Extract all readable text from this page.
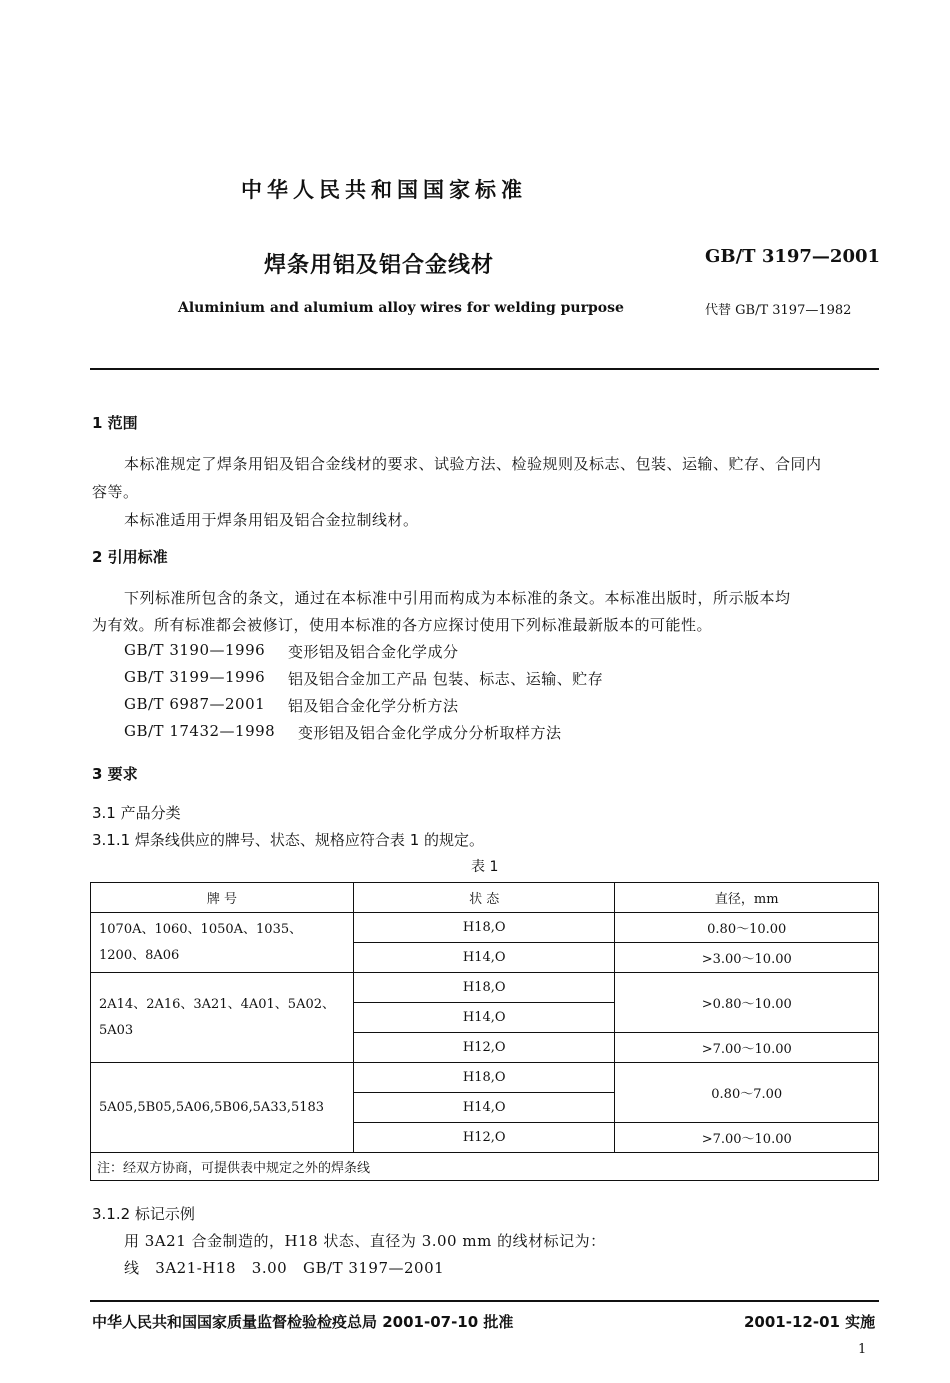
中华人民共和国国家标准
焊条用铝及铝合金线材	GB/T 3197—2001
Aluminium and alumium alloy wires for welding purpose	代替 GB/T 3197—1982
1 范围
本标准规定了焊条用铝及铝合金线材的要求、试验方法、检验规则及标志、包装、运输、贮存、合同内
容等。
本标准适用于焊条用铝及铝合金拉制线材。
2 引用标准
下列标准所包含的条文，通过在本标准中引用而构成为本标准的条文。本标准出版时，所示版本均
为有效。所有标准都会被修订，使用本标准的各方应探讨使用下列标准最新版本的可能性。
GB/T 3190—1996 变形铝及铝合金化学成分
GB/T 3199—1996 铝及铝合金加工产品 包装、标志、运输、贮存
GB/T 6987—2001 铝及铝合金化学分析方法
GB/T 17432—1998 变形铝及铝合金化学成分分析取样方法
3 要求
3.1 产品分类
3.1.1 焊条线供应的牌号、状态、规格应符合表 1 的规定。
表 1
牌 号	状 态	直径，mm
1070A、1060、1050A、1035、1200、8A06	H18,O	0.80～10.00
	H14,O	>3.00～10.00
2A14、2A16、3A21、4A01、5A02、5A03	H18,O	>0.80～10.00
	H14,O	
	H12,O	>7.00～10.00
5A05,5B05,5A06,5B06,5A33,5183	H18,O	0.80～7.00
	H14,O	
	H12,O	>7.00～10.00
注：经双方协商，可提供表中规定之外的焊条线		
3.1.2 标记示例
用 3A21 合金制造的，H18 状态、直径为 3.00 mm 的线材标记为：
线   3A21-H18   3.00   GB/T 3197—2001
中华人民共和国国家质量监督检验检疫总局 2001-07-10 批准	2001-12-01 实施
1
